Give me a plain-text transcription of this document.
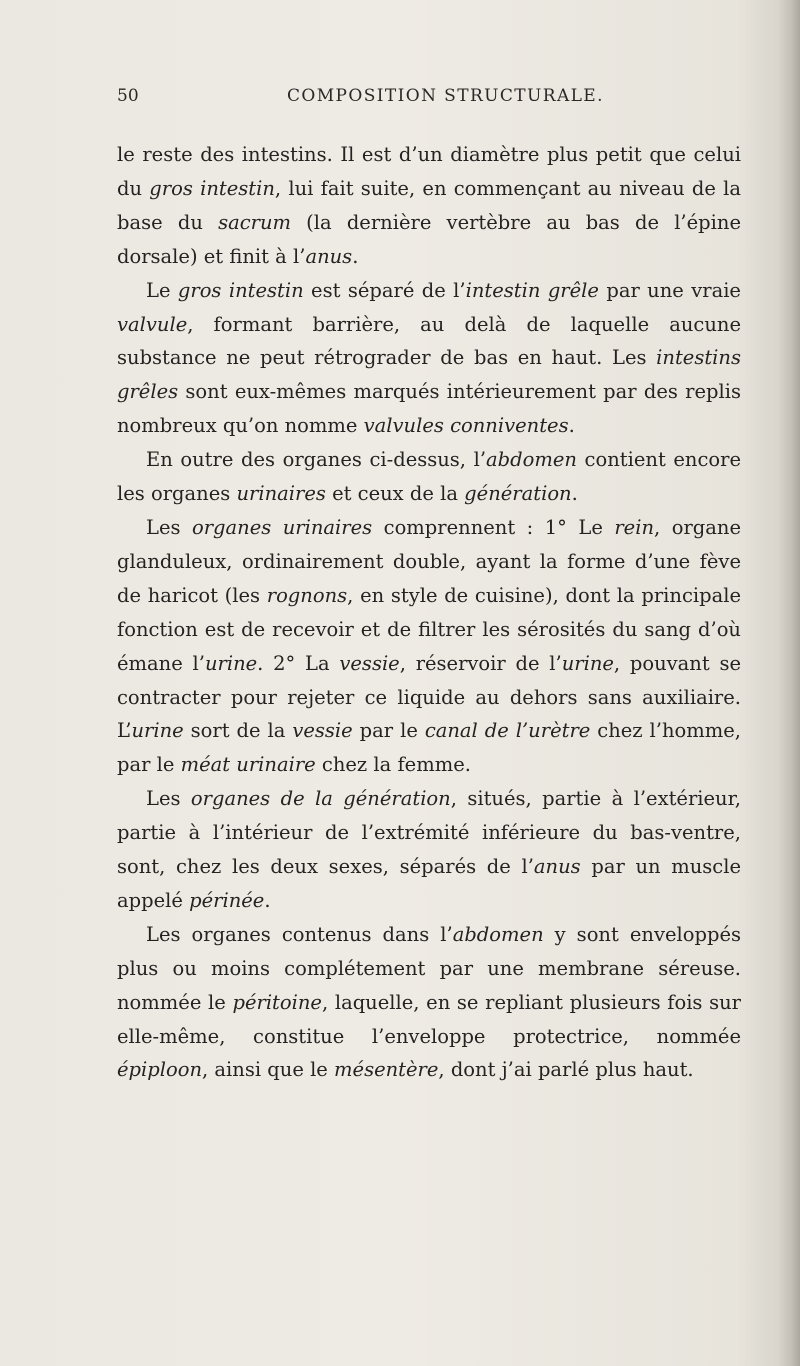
50	COMPOSITION STRUCTURALE.

le reste des intestins. Il est d’un diamètre plus petit que celui du gros intestin, lui fait suite, en commençant au niveau de la base du sacrum (la dernière vertèbre au bas de l’épine dorsale) et finit à l’anus.

Le gros intestin est séparé de l’intestin grêle par une vraie valvule, formant barrière, au delà de laquelle aucune substance ne peut rétrograder de bas en haut. Les intestins grêles sont eux-mêmes marqués intérieurement par des replis nombreux qu’on nomme valvules conniventes.

En outre des organes ci-dessus, l’abdomen contient encore les organes urinaires et ceux de la génération.

Les organes urinaires comprennent : 1° Le rein, organe glanduleux, ordinairement double, ayant la forme d’une fève de haricot (les rognons, en style de cuisine), dont la principale fonction est de recevoir et de filtrer les sérosités du sang d’où émane l’urine. 2° La vessie, réservoir de l’urine, pouvant se contracter pour rejeter ce liquide au dehors sans auxiliaire. L’urine sort de la vessie par le canal de l’urètre chez l’homme, par le méat urinaire chez la femme.

Les organes de la génération, situés, partie à l’extérieur, partie à l’intérieur de l’extrémité inférieure du bas-ventre, sont, chez les deux sexes, séparés de l’anus par un muscle appelé périnée.

Les organes contenus dans l’abdomen y sont enveloppés plus ou moins complétement par une membrane séreuse. nommée le péritoine, laquelle, en se repliant plusieurs fois sur elle-même, constitue l’enveloppe protectrice, nommée épiploon, ainsi que le mésentère, dont j’ai parlé plus haut.
